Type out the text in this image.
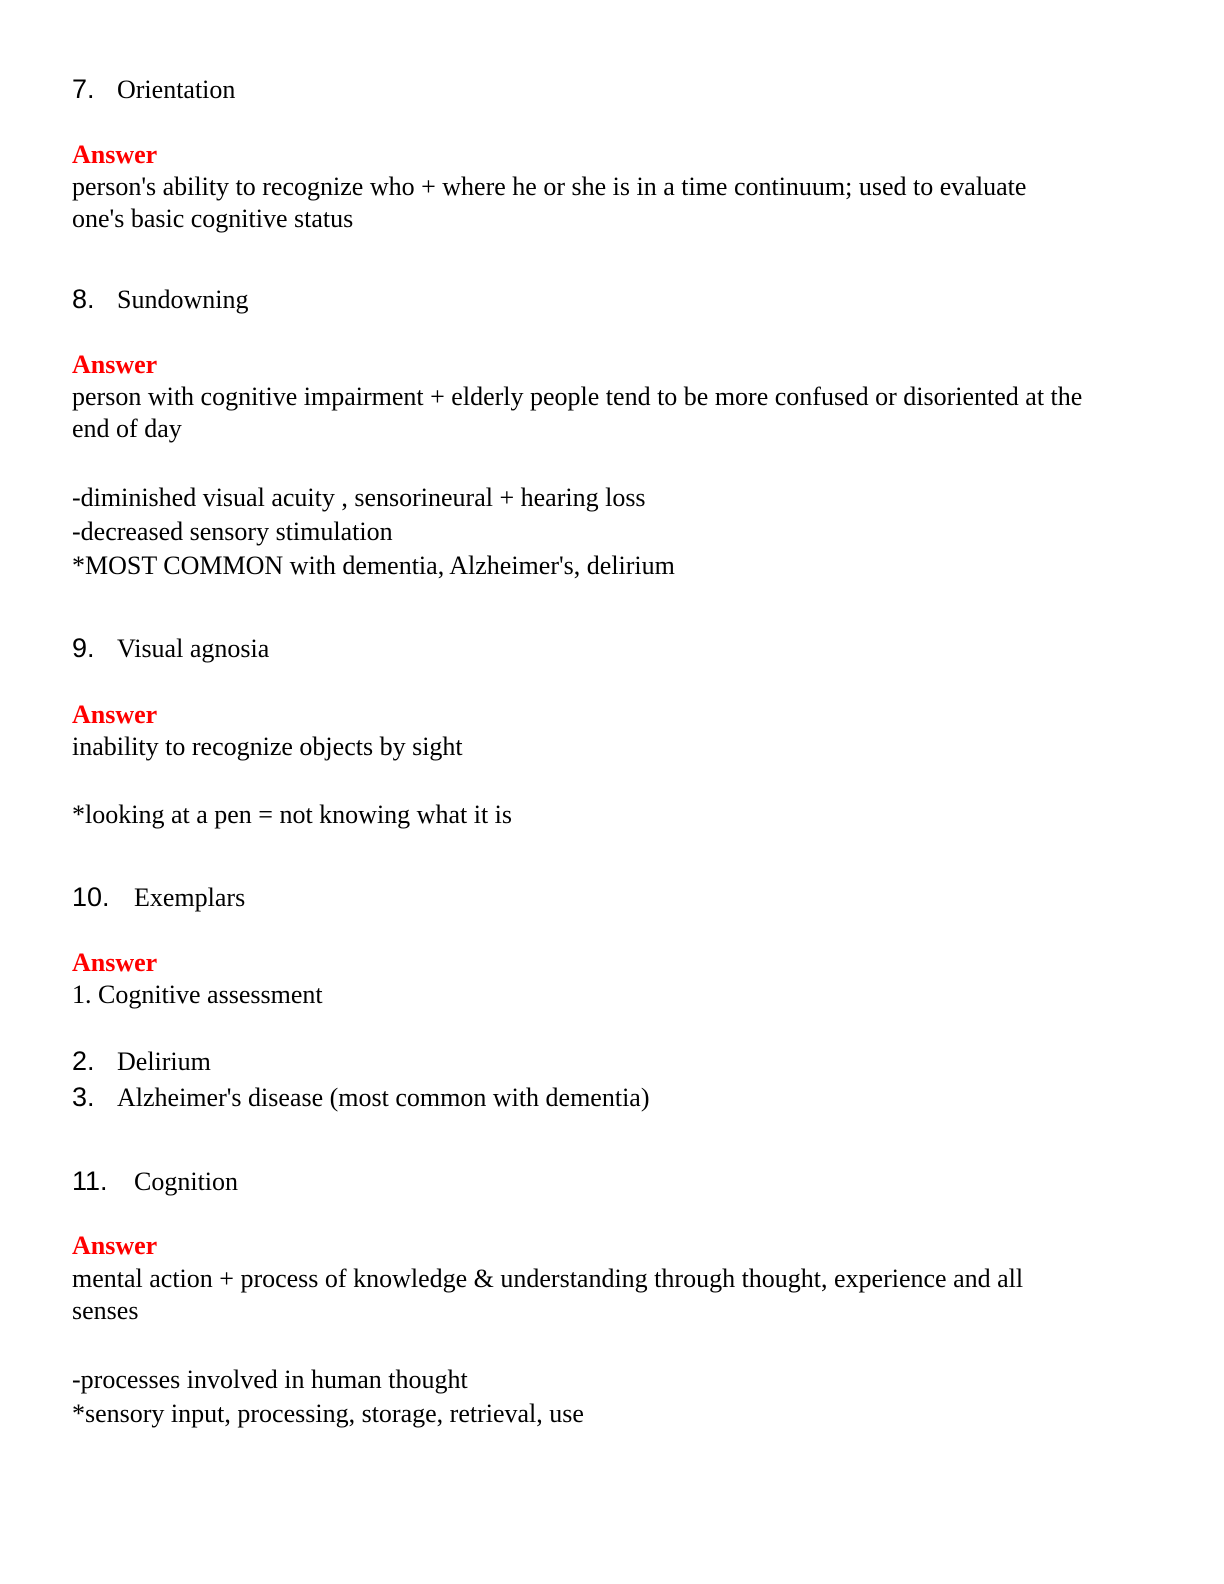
7. Orientation
Answer
person's ability to recognize who + where he or she is in a time continuum; used to evaluate
one's basic cognitive status
8. Sundowning
Answer
person with cognitive impairment + elderly people tend to be more confused or disoriented at the
end of day
-diminished visual acuity , sensorineural + hearing loss
-decreased sensory stimulation
*MOST COMMON with dementia, Alzheimer's, delirium
9. Visual agnosia
Answer
inability to recognize objects by sight
*looking at a pen = not knowing what it is
10. Exemplars
Answer
1. Cognitive assessment
2. Delirium
3. Alzheimer's disease (most common with dementia)
11. Cognition
Answer
mental action + process of knowledge & understanding through thought, experience and all
senses
-processes involved in human thought
*sensory input, processing, storage, retrieval, use
